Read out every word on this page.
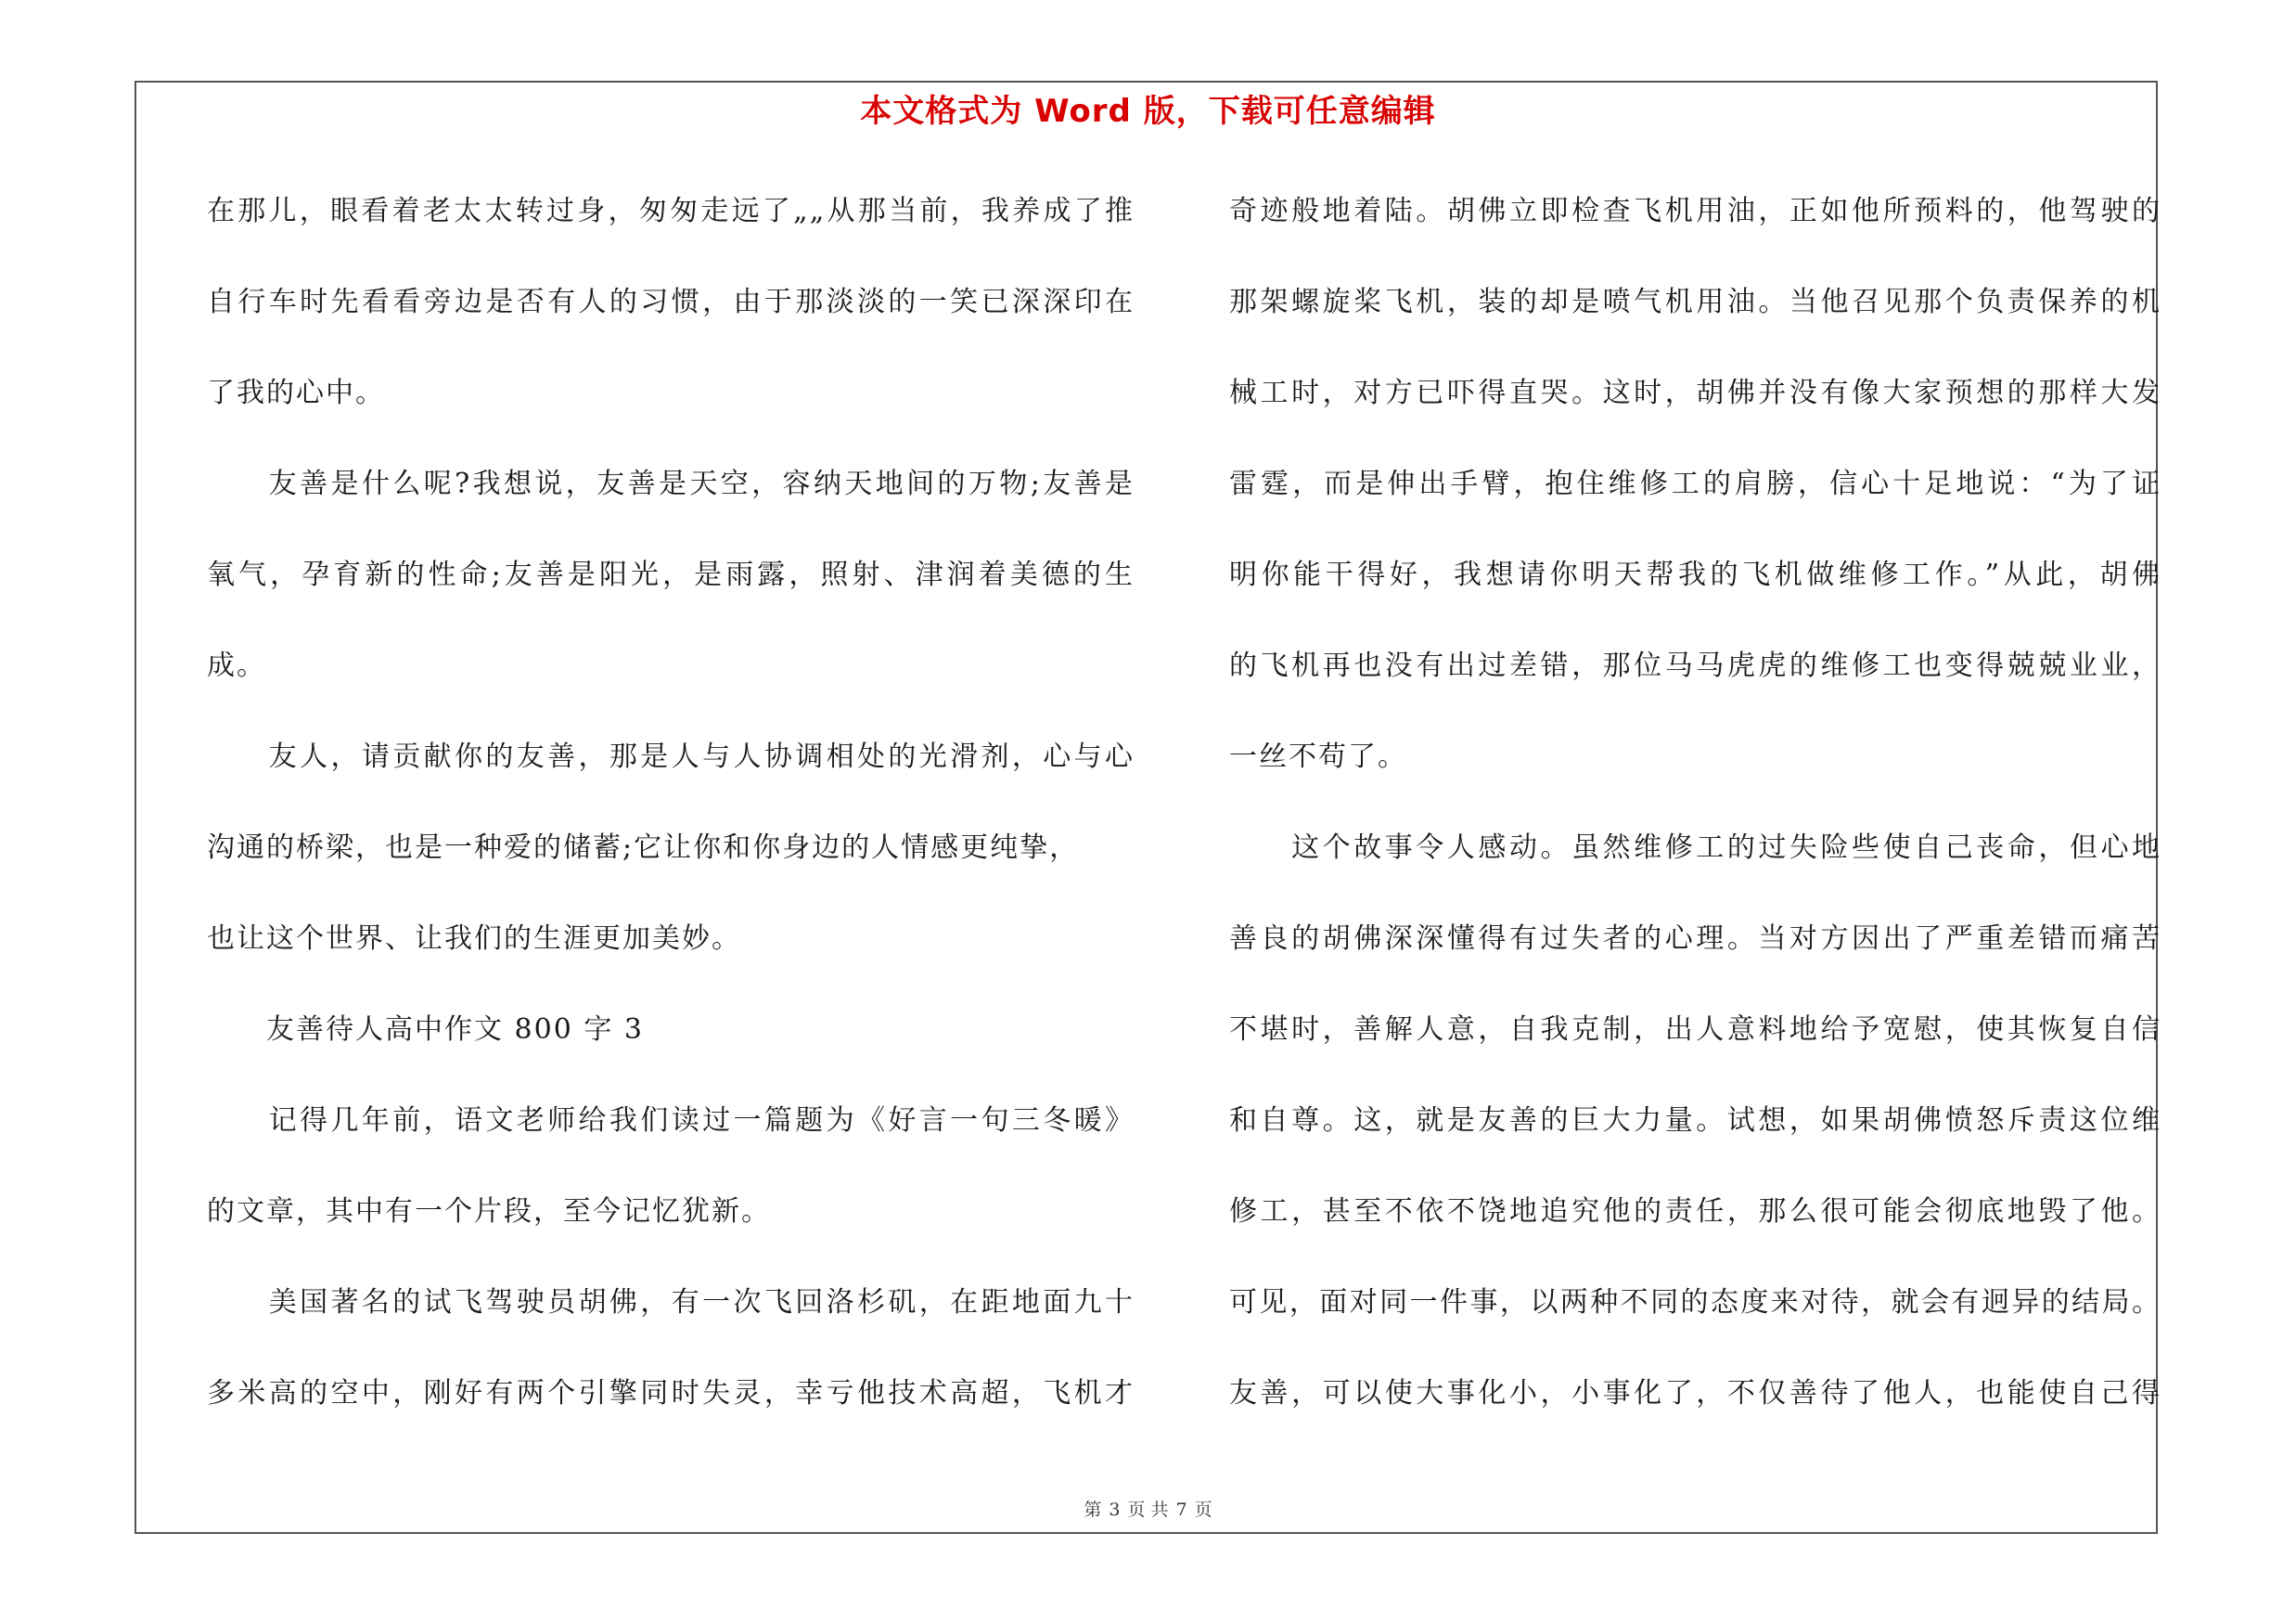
本文格式为 Word 版，下载可任意编辑
在那儿，眼看着老太太转过身，匆匆走远了„„从那当前，我养成了推
自行车时先看看旁边是否有人的习惯，由于那淡淡的一笑已深深印在
了我的心中。
　　友善是什么呢?我想说，友善是天空，容纳天地间的万物;友善是
氧气，孕育新的性命;友善是阳光，是雨露，照射、津润着美德的生
成。
　　友人，请贡献你的友善，那是人与人协调相处的光滑剂，心与心
沟通的桥梁，也是一种爱的储蓄;它让你和你身边的人情感更纯挚，
也让这个世界、让我们的生涯更加美妙。
　　友善待人高中作文 800 字 3
　　记得几年前，语文老师给我们读过一篇题为《好言一句三冬暖》
的文章，其中有一个片段，至今记忆犹新。
　　美国著名的试飞驾驶员胡佛，有一次飞回洛杉矶，在距地面九十
多米高的空中，刚好有两个引擎同时失灵，幸亏他技术高超，飞机才
奇迹般地着陆。胡佛立即检查飞机用油，正如他所预料的，他驾驶的
那架螺旋桨飞机，装的却是喷气机用油。当他召见那个负责保养的机
械工时，对方已吓得直哭。这时，胡佛并没有像大家预想的那样大发
雷霆，而是伸出手臂，抱住维修工的肩膀，信心十足地说：“为了证
明你能干得好，我想请你明天帮我的飞机做维修工作。”从此，胡佛
的飞机再也没有出过差错，那位马马虎虎的维修工也变得兢兢业业，
一丝不苟了。
　　这个故事令人感动。虽然维修工的过失险些使自己丧命，但心地
善良的胡佛深深懂得有过失者的心理。当对方因出了严重差错而痛苦
不堪时，善解人意，自我克制，出人意料地给予宽慰，使其恢复自信
和自尊。这，就是友善的巨大力量。试想，如果胡佛愤怒斥责这位维
修工，甚至不依不饶地追究他的责任，那么很可能会彻底地毁了他。
可见，面对同一件事，以两种不同的态度来对待，就会有迥异的结局。
友善，可以使大事化小，小事化了，不仅善待了他人，也能使自己得
第 3 页 共 7 页
